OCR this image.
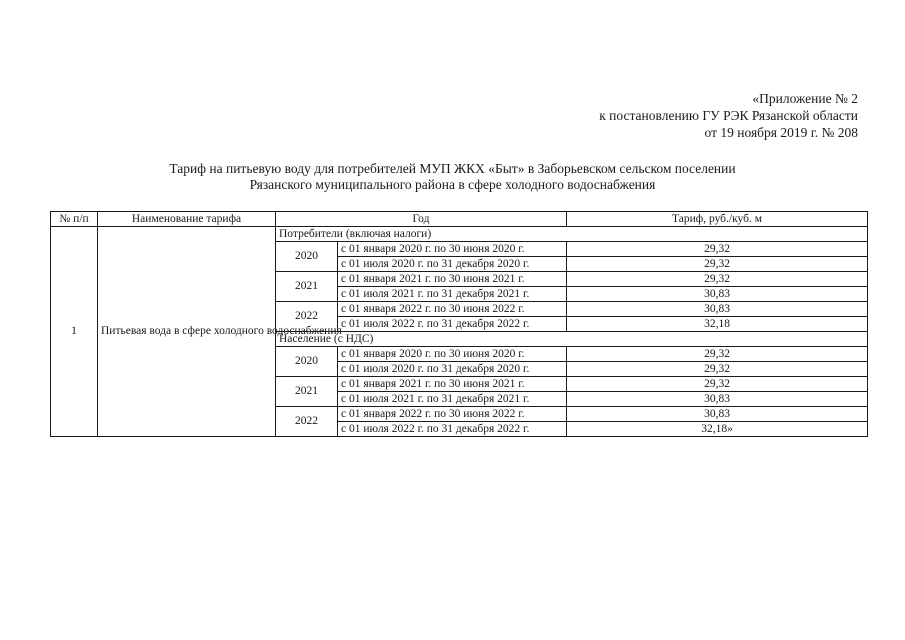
«Приложение № 2
к постановлению ГУ РЭК Рязанской области
от 19 ноября 2019 г. № 208
Тариф на питьевую воду для потребителей МУП ЖКХ «Быт» в Заборьевском сельском поселении
Рязанского муниципального района в сфере холодного водоснабжения
№ п/п	Наименование тарифа	Год		Тариф, руб./куб. м
1	Питьевая вода в сфере холодного водоснабжения	Потребители (включая налоги)		
		2020	с 01 января 2020 г. по 30 июня 2020 г.	29,32
			с 01 июля 2020 г. по 31 декабря 2020 г.	29,32
		2021	с 01 января 2021 г. по 30 июня 2021 г.	29,32
			с 01 июля 2021 г. по 31 декабря 2021 г.	30,83
		2022	с 01 января 2022 г. по 30 июня 2022 г.	30,83
			с 01 июля 2022 г. по 31 декабря 2022 г.	32,18
		Население (с НДС)		
		2020	с 01 января 2020 г. по 30 июня 2020 г.	29,32
			с 01 июля 2020 г. по 31 декабря 2020 г.	29,32
		2021	с 01 января 2021 г. по 30 июня 2021 г.	29,32
			с 01 июля 2021 г. по 31 декабря 2021 г.	30,83
		2022	с 01 января 2022 г. по 30 июня 2022 г.	30,83
			с 01 июля 2022 г. по 31 декабря 2022 г.	32,18»
